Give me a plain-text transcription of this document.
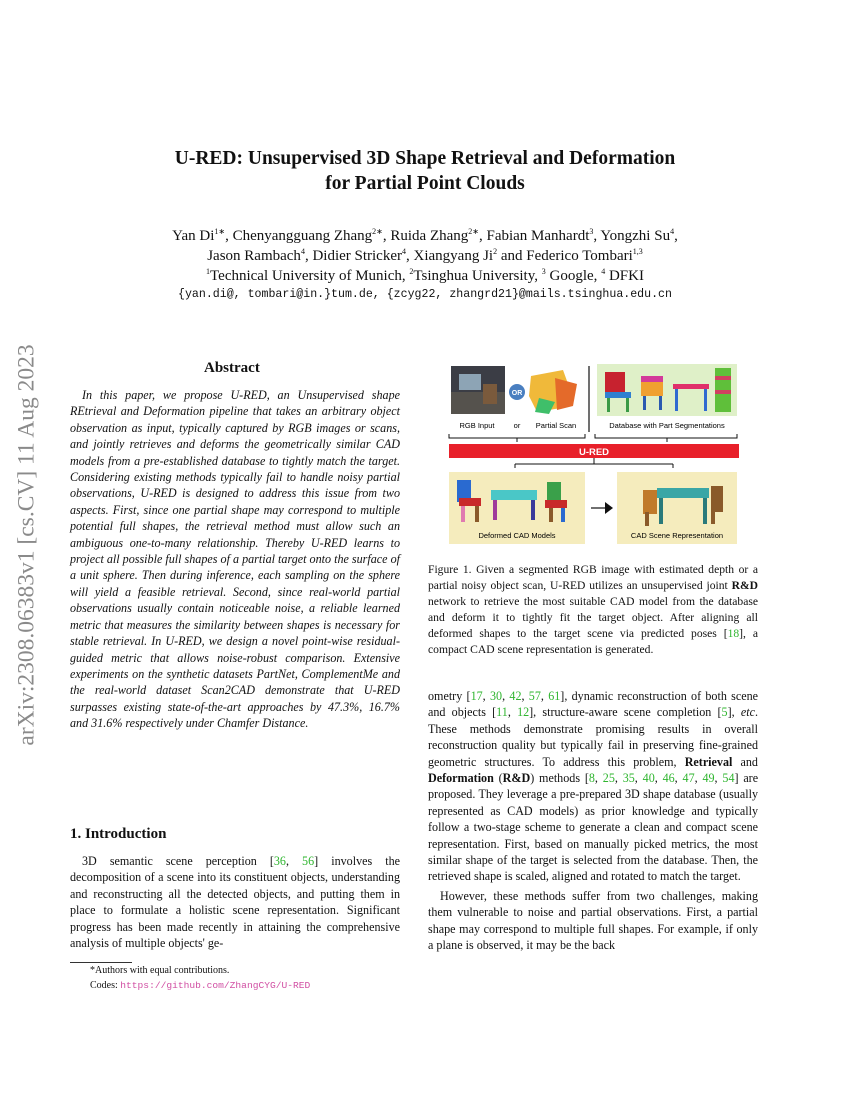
arXiv:2308.06383v1 [cs.CV] 11 Aug 2023
U-RED: Unsupervised 3D Shape Retrieval and Deformation
for Partial Point Clouds
Yan $Di^{1∗}$, Chenyangguang Zhang$^{2∗}$, Ruida Zhang$^{2∗}$, Fabian Manhardt$^3$, Yongzhi Su$^4$,
Jason Rambach$^4$, Didier Stricker$^4$, Xiangyang Ji$^2$ and Federico Tombari$^{1,3}$
$^1$Technical University of Munich, $^2$Tsinghua University, $^3$ Google, $^4$ DFKI
{yan.di@, tombari@in.}tum.de, {zcyg22, zhangrd21}@mails.tsinghua.edu.cn
Abstract
In this paper, we propose U-RED, an Unsupervised shape REtrieval and Deformation pipeline that takes an arbitrary object observation as input, typically captured by RGB images or scans, and jointly retrieves and deforms the geometrically similar CAD models from a pre-established database to tightly match the target. Considering existing methods typically fail to handle noisy partial observations, U-RED is designed to address this issue from two aspects. First, since one partial shape may correspond to multiple potential full shapes, the retrieval method must allow such an ambiguous one-to-many relationship. Thereby U-RED learns to project all possible full shapes of a partial target onto the surface of a unit sphere. Then during inference, each sampling on the sphere will yield a feasible retrieval. Second, since real-world partial observations usually contain noticeable noise, a reliable learned metric that measures the similarity between shapes is necessary for stable retrieval. In U-RED, we design a novel point-wise residual-guided metric that allows noise-robust comparison. Extensive experiments on the synthetic datasets PartNet, ComplementMe and the real-world dataset Scan2CAD demonstrate that U-RED surpasses existing state-of-the-art approaches by 47.3%, 16.7% and 31.6% respectively under Chamfer Distance.
1. Introduction
3D semantic scene perception [36, 56] involves the decomposition of a scene into its constituent objects, understanding and reconstructing all the detected objects, and putting them in place to formulate a holistic scene representation. Significant progress has been made recently in attaining the comprehensive analysis of multiple objects' ge-
*Authors with equal contributions.
Codes: https://github.com/ZhangCYG/U-RED
OR
RGB Input	or Partial Scan	Database with Part Segmentations
U-RED
Deformed CAD Models	CAD Scene Representation
Figure 1. Given a segmented RGB image with estimated depth or a partial noisy object scan, U-RED utilizes an unsupervised joint R&D network to retrieve the most suitable CAD model from the database and deform it to tightly fit the target object. After aligning all deformed shapes to the target scene via predicted poses [18], a compact CAD scene representation is generated.

ometry [17, 30, 42, 57, 61], dynamic reconstruction of both scene and objects [11, 12], structure-aware scene completion [5], etc. These methods demonstrate promising results in overall reconstruction quality but typically fail in preserving fine-grained geometric structures. To address this problem, Retrieval and Deformation (R&D) methods [8, 25, 35, 40, 46, 47, 49, 54] are proposed. They leverage a pre-prepared 3D shape database (usually represented as CAD models) as prior knowledge and typically follow a two-stage scheme to generate a clean and compact scene representation. First, based on manually picked metrics, the most similar shape of the target is selected from the database. Then, the retrieved shape is scaled, aligned and rotated to match the target.

However, these methods suffer from two challenges, making them vulnerable to noise and partial observations. First, a partial shape may correspond to multiple full shapes. For example, if only a plane is observed, it may be the back
